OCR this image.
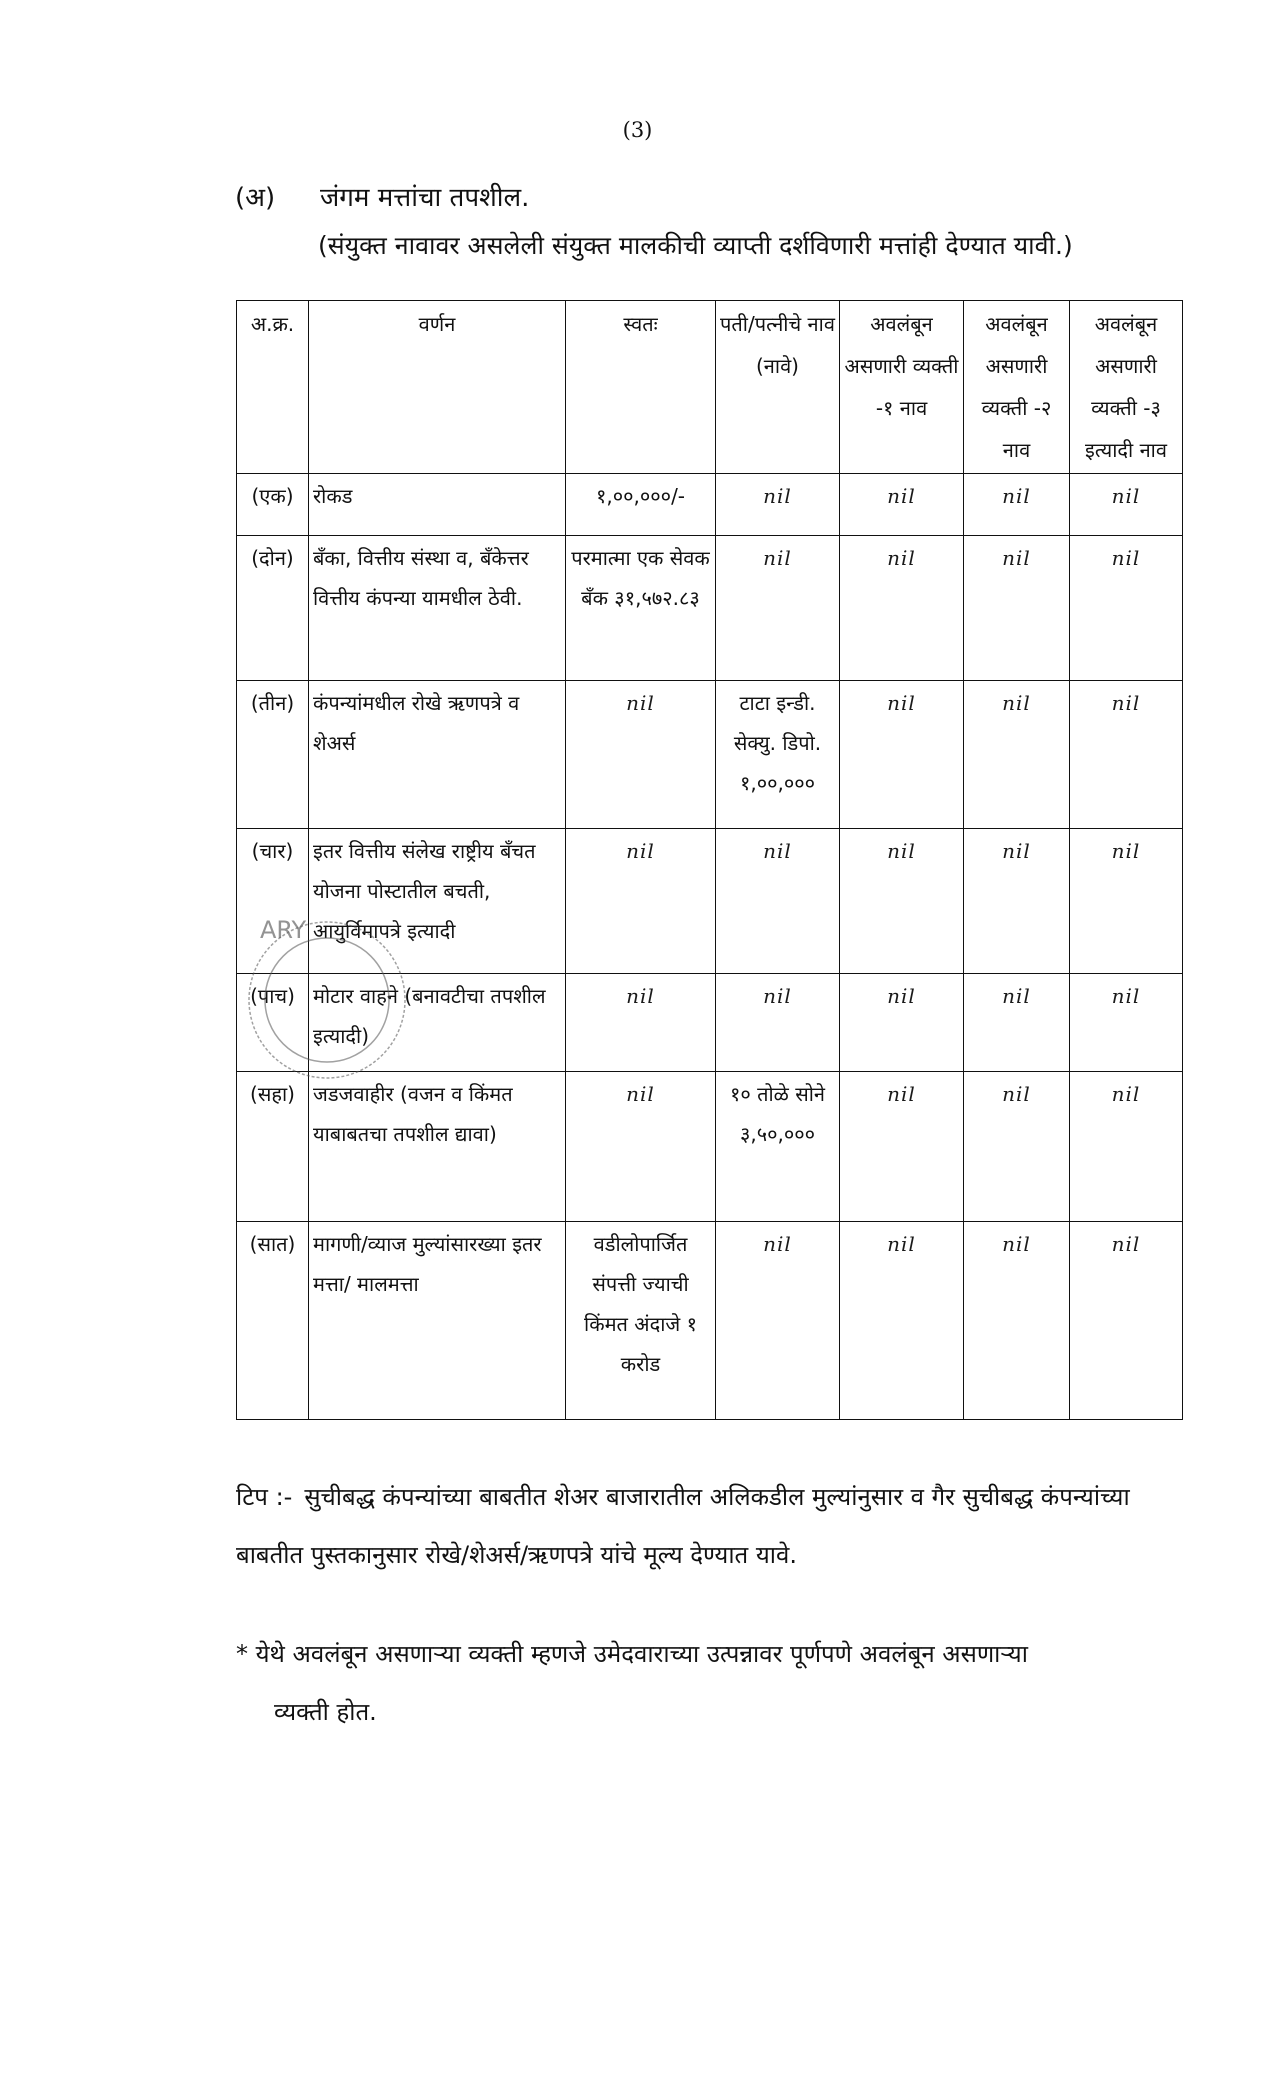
(3)
(अ) जंगम मत्तांचा तपशील.
(संयुक्त नावावर असलेली संयुक्त मालकीची व्याप्ती दर्शविणारी मत्तांही देण्यात यावी.)
अ.क्र.	वर्णन	स्वतः	पती/पत्नीचे नाव (नावे)	अवलंबून असणारी व्यक्ती -१ नाव	अवलंबून असणारी व्यक्ती -२ नाव	अवलंबून असणारी व्यक्ती -३ इत्यादी नाव
(एक)	रोकड	१,००,०००/-	nil	nil	nil	nil
(दोन)	बँका, वित्तीय संस्था व, बँकेत्तर वित्तीय कंपन्या यामधील ठेवी.	परमात्मा एक सेवक बँक ३१,५७२.८३	nil	nil	nil	nil
(तीन)	कंपन्यांमधील रोखे ऋणपत्रे व शेअर्स	nil	टाटा इन्डी. सेक्यु. डिपो. १,००,०००	nil	nil	nil
(चार)	इतर वित्तीय संलेख राष्ट्रीय बँचत योजना पोस्टातील बचती, आयुर्विमापत्रे इत्यादी	nil	nil	nil	nil	nil
(पाच)	मोटार वाहने (बनावटीचा तपशील इत्यादी)	nil	nil	nil	nil	nil
(सहा)	जडजवाहीर (वजन व किंमत याबाबतचा तपशील द्यावा)	nil	१० तोळे सोने ३,५०,०००	nil	nil	nil
(सात)	मागणी/व्याज मुल्यांसारख्या इतर मत्ता/ मालमत्ता	वडीलोपार्जित संपत्ती ज्याची किंमत अंदाजे १ करोड	nil	nil	nil	nil
ARY
टिप :- सुचीबद्ध कंपन्यांच्या बाबतीत शेअर बाजारातील अलिकडील मुल्यांनुसार व गैर सुचीबद्ध कंपन्यांच्या बाबतीत पुस्तकानुसार रोखे/शेअर्स/ऋणपत्रे यांचे मूल्य देण्यात यावे.
* येथे अवलंबून असणाऱ्या व्यक्ती म्हणजे उमेदवाराच्या उत्पन्नावर पूर्णपणे अवलंबून असणाऱ्या
व्यक्ती होत.
